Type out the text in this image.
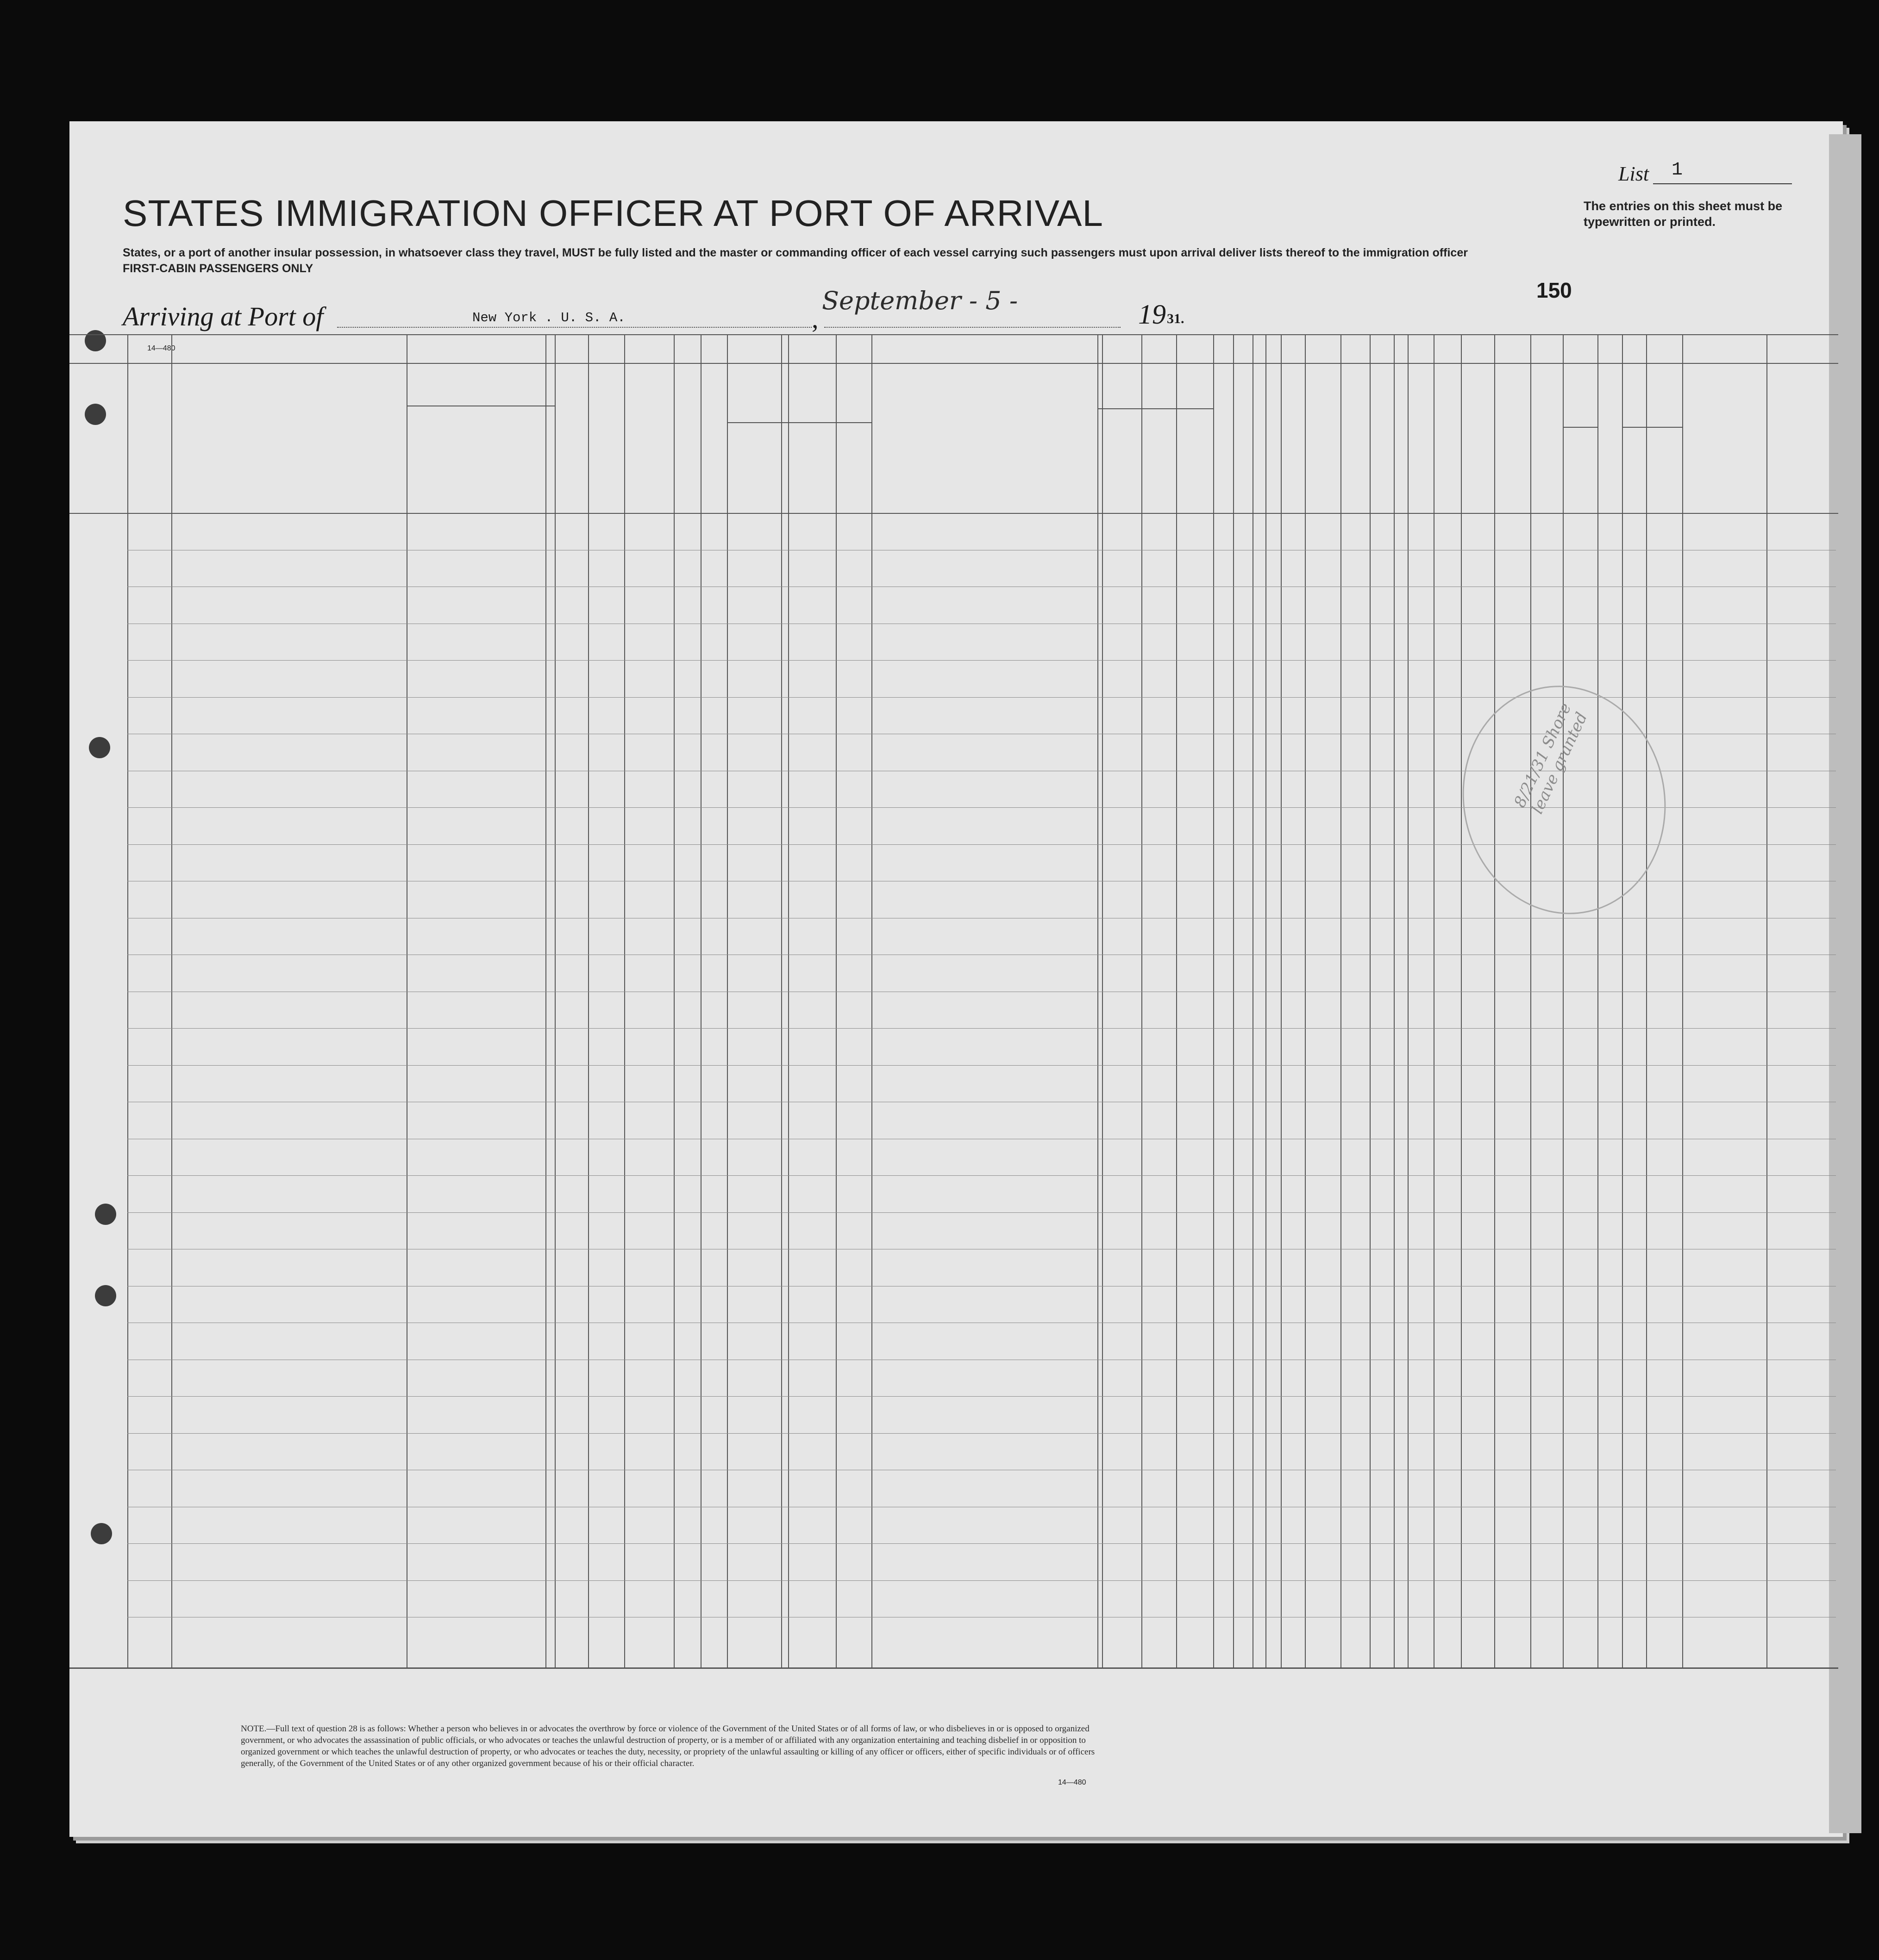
STATES IMMIGRATION OFFICER AT PORT OF ARRIVAL
States, or a port of another insular possession, in whatsoever class they travel, MUST be fully listed and the master or commanding officer of each vessel carrying such passengers must upon arrival deliver lists thereof to the immigration officer
FIRST-CABIN PASSENGERS ONLY
List 1
The entries on this sheet must be typewritten or printed.
Arriving at Port of	New York . U. S. A.	,
September - 5 -	19 31.
150
14—480
8/21/31 Shore leave granted
NOTE.—Full text of question 28 is as follows: Whether a person who believes in or advocates the overthrow by force or violence of the Government of the United States or of all forms of law, or who disbelieves in or is opposed to organized government, or who advocates the assassination of public officials, or who advocates or teaches the unlawful destruction of property, or is a member of or affiliated with any organization entertaining and teaching disbelief in or opposition to organized government or which teaches the unlawful destruction of property, or who advocates or teaches the duty, necessity, or propriety of the unlawful assaulting or killing of any officer or officers, either of specific individuals or of officers generally, of the Government of the United States or of any other organized government because of his or their official character.
14—480
